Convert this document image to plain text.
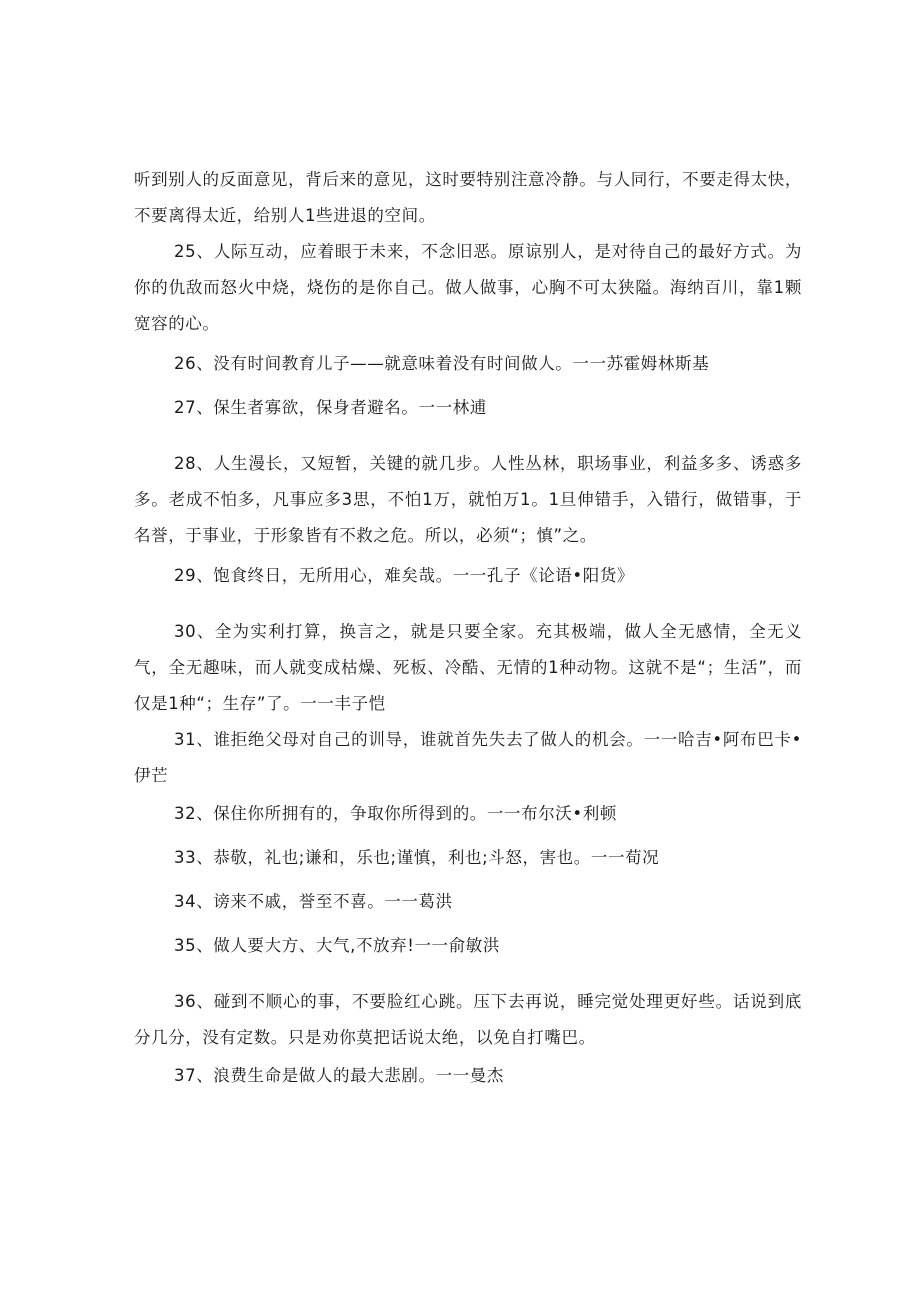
听到别人的反面意见，背后来的意见，这时要特别注意冷静。与人同行，不要走得太快，不要离得太近，给别人1些进退的空间。

25、人际互动，应着眼于未来，不念旧恶。原谅别人，是对待自己的最好方式。为你的仇敌而怒火中烧，烧伤的是你自己。做人做事，心胸不可太狭隘。海纳百川，靠1颗宽容的心。

26、没有时间教育儿子——就意味着没有时间做人。一一苏霍姆林斯基

27、保生者寡欲，保身者避名。一一林逋

28、人生漫长，又短暂，关键的就几步。人性丛林，职场事业，利益多多、诱惑多多。老成不怕多，凡事应多3思，不怕1万，就怕万1。1旦伸错手，入错行，做错事，于名誉，于事业，于形象皆有不救之危。所以，必须“；慎”之。

29、饱食终日，无所用心，难矣哉。一一孔子《论语•阳货》

30、全为实利打算，换言之，就是只要全家。充其极端，做人全无感情，全无义气，全无趣味，而人就变成枯燥、死板、冷酷、无情的1种动物。这就不是“；生活”，而仅是1种“；生存”了。一一丰子恺

31、谁拒绝父母对自己的训导，谁就首先失去了做人的机会。一一哈吉•阿布巴卡•伊芒

32、保住你所拥有的，争取你所得到的。一一布尔沃•利顿

33、恭敬，礼也;谦和，乐也;谨慎，利也;斗怒，害也。一一荀况

34、谤来不戚，誉至不喜。一一葛洪

35、做人要大方、大气,不放弃!一一俞敏洪

36、碰到不顺心的事，不要脸红心跳。压下去再说，睡完觉处理更好些。话说到底分几分，没有定数。只是劝你莫把话说太绝，以免自打嘴巴。

37、浪费生命是做人的最大悲剧。一一曼杰
